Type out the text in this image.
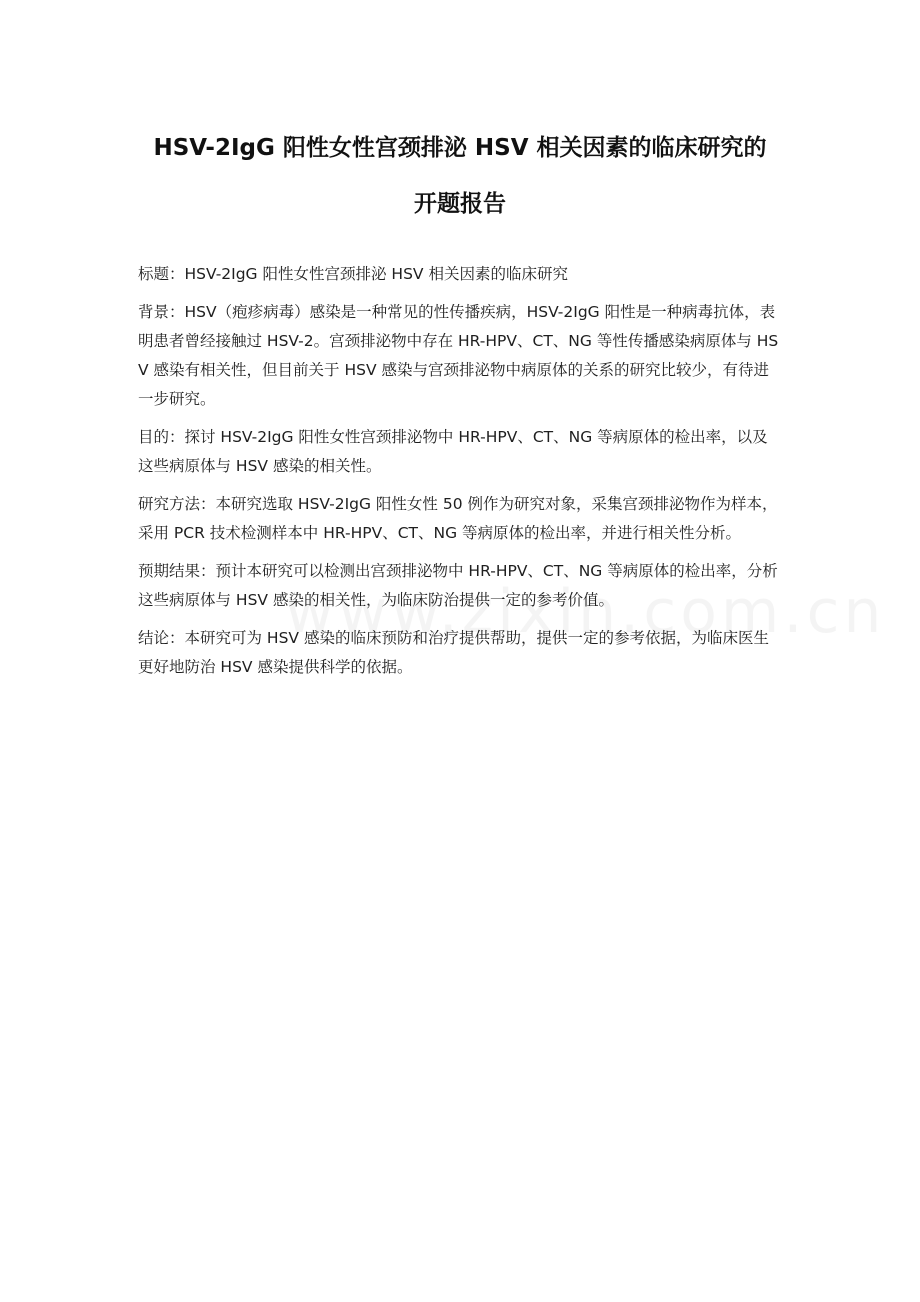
HSV-2IgG 阳性女性宫颈排泌 HSV 相关因素的临床研究的
开题报告

标题：HSV-2IgG 阳性女性宫颈排泌 HSV 相关因素的临床研究

背景：HSV（疱疹病毒）感染是一种常见的性传播疾病，HSV-2IgG 阳性是一种病毒抗体，表明患者曾经接触过 HSV-2。宫颈排泌物中存在 HR-HPV、CT、NG 等性传播感染病原体与 HSV 感染有相关性，但目前关于 HSV 感染与宫颈排泌物中病原体的关系的研究比较少，有待进一步研究。

目的：探讨 HSV-2IgG 阳性女性宫颈排泌物中 HR-HPV、CT、NG 等病原体的检出率，以及这些病原体与 HSV 感染的相关性。

研究方法：本研究选取 HSV-2IgG 阳性女性 50 例作为研究对象，采集宫颈排泌物作为样本，采用 PCR 技术检测样本中 HR-HPV、CT、NG 等病原体的检出率，并进行相关性分析。

预期结果：预计本研究可以检测出宫颈排泌物中 HR-HPV、CT、NG 等病原体的检出率，分析这些病原体与 HSV 感染的相关性，为临床防治提供一定的参考价值。

结论：本研究可为 HSV 感染的临床预防和治疗提供帮助，提供一定的参考依据，为临床医生更好地防治 HSV 感染提供科学的依据。
